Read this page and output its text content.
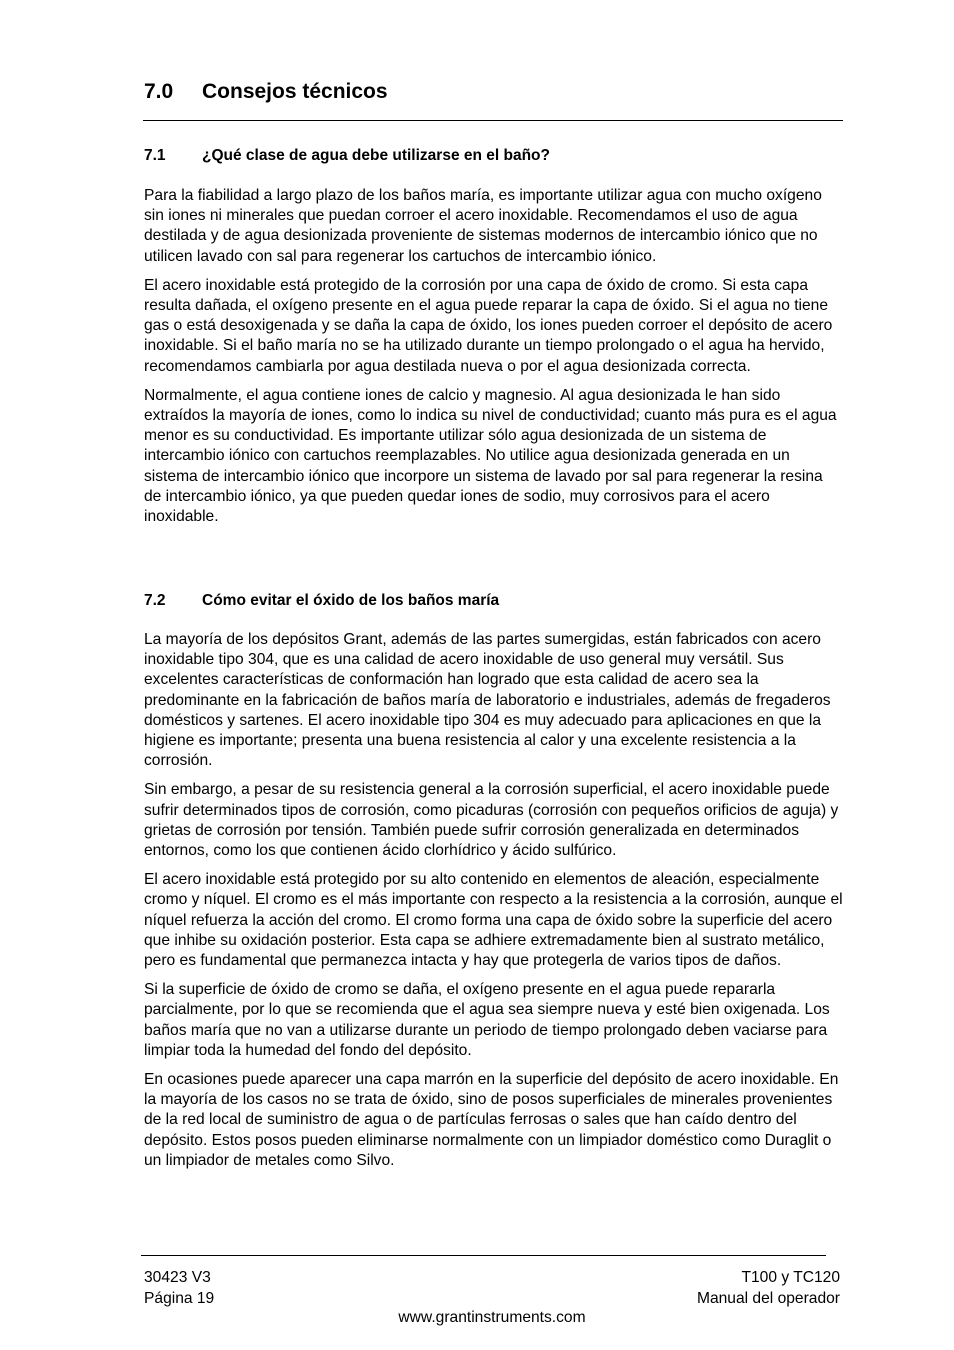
7.0 Consejos técnicos
7.1 ¿Qué clase de agua debe utilizarse en el baño?

Para la fiabilidad a largo plazo de los baños maría, es importante utilizar agua con mucho oxígeno sin iones ni minerales que puedan corroer el acero inoxidable. Recomendamos el uso de agua destilada y de agua desionizada proveniente de sistemas modernos de intercambio iónico que no utilicen lavado con sal para regenerar los cartuchos de intercambio iónico.

El acero inoxidable está protegido de la corrosión por una capa de óxido de cromo. Si esta capa resulta dañada, el oxígeno presente en el agua puede reparar la capa de óxido. Si el agua no tiene gas o está desoxigenada y se daña la capa de óxido, los iones pueden corroer el depósito de acero inoxidable. Si el baño maría no se ha utilizado durante un tiempo prolongado o el agua ha hervido, recomendamos cambiarla por agua destilada nueva o por el agua desionizada correcta.

Normalmente, el agua contiene iones de calcio y magnesio. Al agua desionizada le han sido extraídos la mayoría de iones, como lo indica su nivel de conductividad; cuanto más pura es el agua menor es su conductividad. Es importante utilizar sólo agua desionizada de un sistema de intercambio iónico con cartuchos reemplazables. No utilice agua desionizada generada en un sistema de intercambio iónico que incorpore un sistema de lavado por sal para regenerar la resina de intercambio iónico, ya que pueden quedar iones de sodio, muy corrosivos para el acero inoxidable.

7.2 Cómo evitar el óxido de los baños maría

La mayoría de los depósitos Grant, además de las partes sumergidas, están fabricados con acero inoxidable tipo 304, que es una calidad de acero inoxidable de uso general muy versátil. Sus excelentes características de conformación han logrado que esta calidad de acero sea la predominante en la fabricación de baños maría de laboratorio e industriales, además de fregaderos domésticos y sartenes. El acero inoxidable tipo 304 es muy adecuado para aplicaciones en que la higiene es importante; presenta una buena resistencia al calor y una excelente resistencia a la corrosión.

Sin embargo, a pesar de su resistencia general a la corrosión superficial, el acero inoxidable puede sufrir determinados tipos de corrosión, como picaduras (corrosión con pequeños orificios de aguja) y grietas de corrosión por tensión. También puede sufrir corrosión generalizada en determinados entornos, como los que contienen ácido clorhídrico y ácido sulfúrico.

El acero inoxidable está protegido por su alto contenido en elementos de aleación, especialmente cromo y níquel. El cromo es el más importante con respecto a la resistencia a la corrosión, aunque el níquel refuerza la acción del cromo. El cromo forma una capa de óxido sobre la superficie del acero que inhibe su oxidación posterior. Esta capa se adhiere extremadamente bien al sustrato metálico, pero es fundamental que permanezca intacta y hay que protegerla de varios tipos de daños.

Si la superficie de óxido de cromo se daña, el oxígeno presente en el agua puede repararla parcialmente, por lo que se recomienda que el agua sea siempre nueva y esté bien oxigenada. Los baños maría que no van a utilizarse durante un periodo de tiempo prolongado deben vaciarse para limpiar toda la humedad del fondo del depósito.

En ocasiones puede aparecer una capa marrón en la superficie del depósito de acero inoxidable. En la mayoría de los casos no se trata de óxido, sino de posos superficiales de minerales provenientes de la red local de suministro de agua o de partículas ferrosas o sales que han caído dentro del depósito. Estos posos pueden eliminarse normalmente con un limpiador doméstico como Duraglit o un limpiador de metales como Silvo.

30423 V3
Página 19
T100 y TC120
Manual del operador
www.grantinstruments.com
